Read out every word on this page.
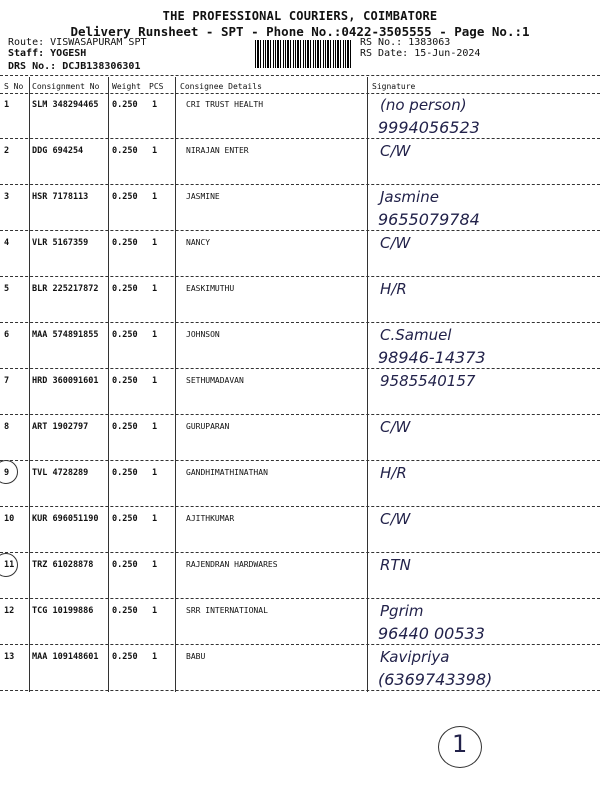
THE PROFESSIONAL COURIERS, COIMBATORE
Delivery Runsheet - SPT - Phone No.:0422-3505555 - Page No.:1
Route: VISWASAPURAM SPT
Staff: YOGESH
DRS No.: DCJB138306301
RS No.: 1383063
RS Date: 15-Jun-2024
S No Consignment No Weight PCS Consignee Details	Signature
1	SLM 348294465 0.250 1	CRI TRUST HEALTH	(no person)
9994056523
2	DDG 694254	0.250 1	NIRAJAN ENTER	C/W
3	HSR 7178113	0.250 1	JASMINE	Jasmine
9655079784
4	VLR 5167359	0.250 1	NANCY	C/W
5	BLR 225217872 0.250 1	EASKIMUTHU	H/R
6	MAA 574891855 0.250 1	JOHNSON	C.Samuel
98946-14373
7	HRD 360091601 0.250 1	SETHUMADAVAN	9585540157
8	ART 1902797	0.250 1	GURUPARAN	C/W
9	TVL 4728289	0.250 1	GANDHIMATHINATHAN	H/R
10 KUR 696051190 0.250 1	AJITHKUMAR	C/W
11 TRZ 61028878 0.250 1	RAJENDRAN HARDWARES	RTN
12 TCG 10199886 0.250 1	SRR INTERNATIONAL	Pgrim
96440 00533
13 MAA 109148601 0.250 1	BABU	Kavipriya
(6369743398)
1
